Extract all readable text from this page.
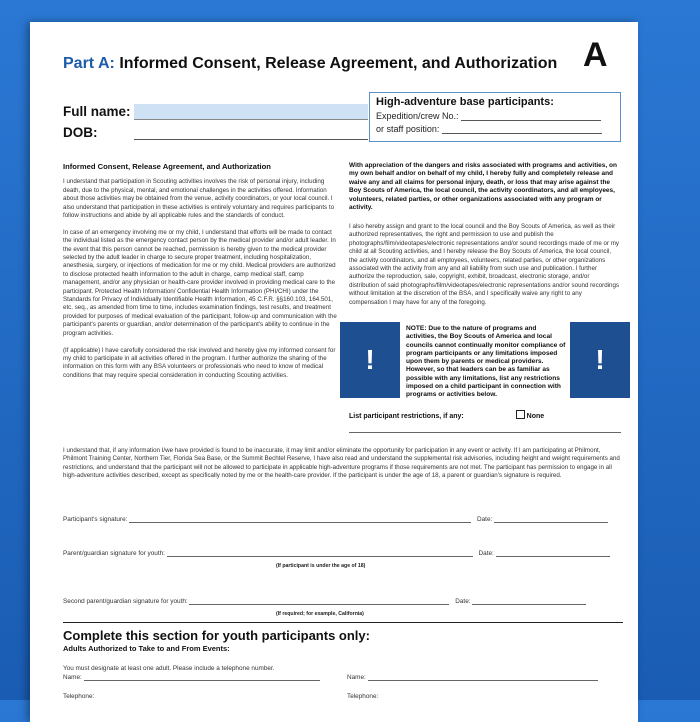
Part A: Informed Consent, Release Agreement, and Authorization A
Full name:
DOB:
High-adventure base participants:
Expedition/crew No.:
or staff position:
Informed Consent, Release Agreement, and Authorization

I understand that participation in Scouting activities involves the risk of personal injury, including death, due to the physical, mental, and emotional challenges in the activities offered. Information about those activities may be obtained from the venue, activity coordinators, or your local council. I also understand that participation in these activities is entirely voluntary and requires participants to follow instructions and abide by all applicable rules and the standards of conduct.

In case of an emergency involving me or my child, I understand that efforts will be made to contact the individual listed as the emergency contact person by the medical provider and/or adult leader. In the event that this person cannot be reached, permission is hereby given to the medical provider selected by the adult leader in charge to secure proper treatment, including hospitalization, anesthesia, surgery, or injections of medication for me or my child. Medical providers are authorized to disclose protected health information to the adult in charge, camp medical staff, camp management, and/or any physician or health-care provider involved in providing medical care to the participant. Protected Health Information/ Confidential Health Information (PHI/CHI) under the Standards for Privacy of Individually Identifiable Health Information, 45 C.F.R. §§160.103, 164.501, etc. seq., as amended from time to time, includes examination findings, test results, and treatment provided for purposes of medical evaluation of the participant, follow-up and communication with the participant's parents or guardian, and/or determination of the participant's ability to continue in the program activities.

(If applicable) I have carefully considered the risk involved and hereby give my informed consent for my child to participate in all activities offered in the program. I further authorize the sharing of the information on this form with any BSA volunteers or professionals who need to know of medical conditions that may require special consideration in conducting Scouting activities.

With appreciation of the dangers and risks associated with programs and activities, on my own behalf and/or on behalf of my child, I hereby fully and completely release and waive any and all claims for personal injury, death, or loss that may arise against the Boy Scouts of America, the local council, the activity coordinators, and all employees, volunteers, related parties, or other organizations associated with any program or activity.
I also hereby assign and grant to the local council and the Boy Scouts of America, as well as their authorized representatives, the right and permission to use and publish the photographs/film/videotapes/electronic representations and/or sound recordings made of me or my child at all Scouting activities, and I hereby release the Boy Scouts of America, the local council, the activity coordinators, and all employees, volunteers, related parties, or other organizations associated with the activity from any and all liability from such use and publication. I further authorize the reproduction, sale, copyright, exhibit, broadcast, electronic storage, and/or distribution of said photographs/film/videotapes/electronic representations and/or sound recordings without limitation at the discretion of the BSA, and I specifically waive any right to any compensation I may have for any of the foregoing.
!
NOTE: Due to the nature of programs and activities, the Boy Scouts of America and local councils cannot continually monitor compliance of program participants or any limitations imposed upon them by parents or medical providers. However, so that leaders can be as familiar as possible with any limitations, list any restrictions imposed on a child participant in connection with programs or activities below.
!
List participant restrictions, if any:	None
I understand that, if any information I/we have provided is found to be inaccurate, it may limit and/or eliminate the opportunity for participation in any event or activity. If I am participating at Philmont, Philmont Training Center, Northern Tier, Florida Sea Base, or the Summit Bechtel Reserve, I have also read and understand the supplemental risk advisories, including height and weight requirements and restrictions, and understand that the participant will not be allowed to participate in applicable high-adventure programs if those requirements are not met. The participant has permission to engage in all high-adventure activities described, except as specifically noted by me or the health-care provider. If the participant is under the age of 18, a parent or guardian's signature is required.
Participant's signature:	Date:
Parent/guardian signature for youth:	Date:
(If participant is under the age of 18)
Second parent/guardian signature for youth:	Date:
(If required; for example, California)
Complete this section for youth participants only:
Adults Authorized to Take to and From Events:
You must designate at least one adult. Please include a telephone number.
Name:	Name:
Telephone:	Telephone:
